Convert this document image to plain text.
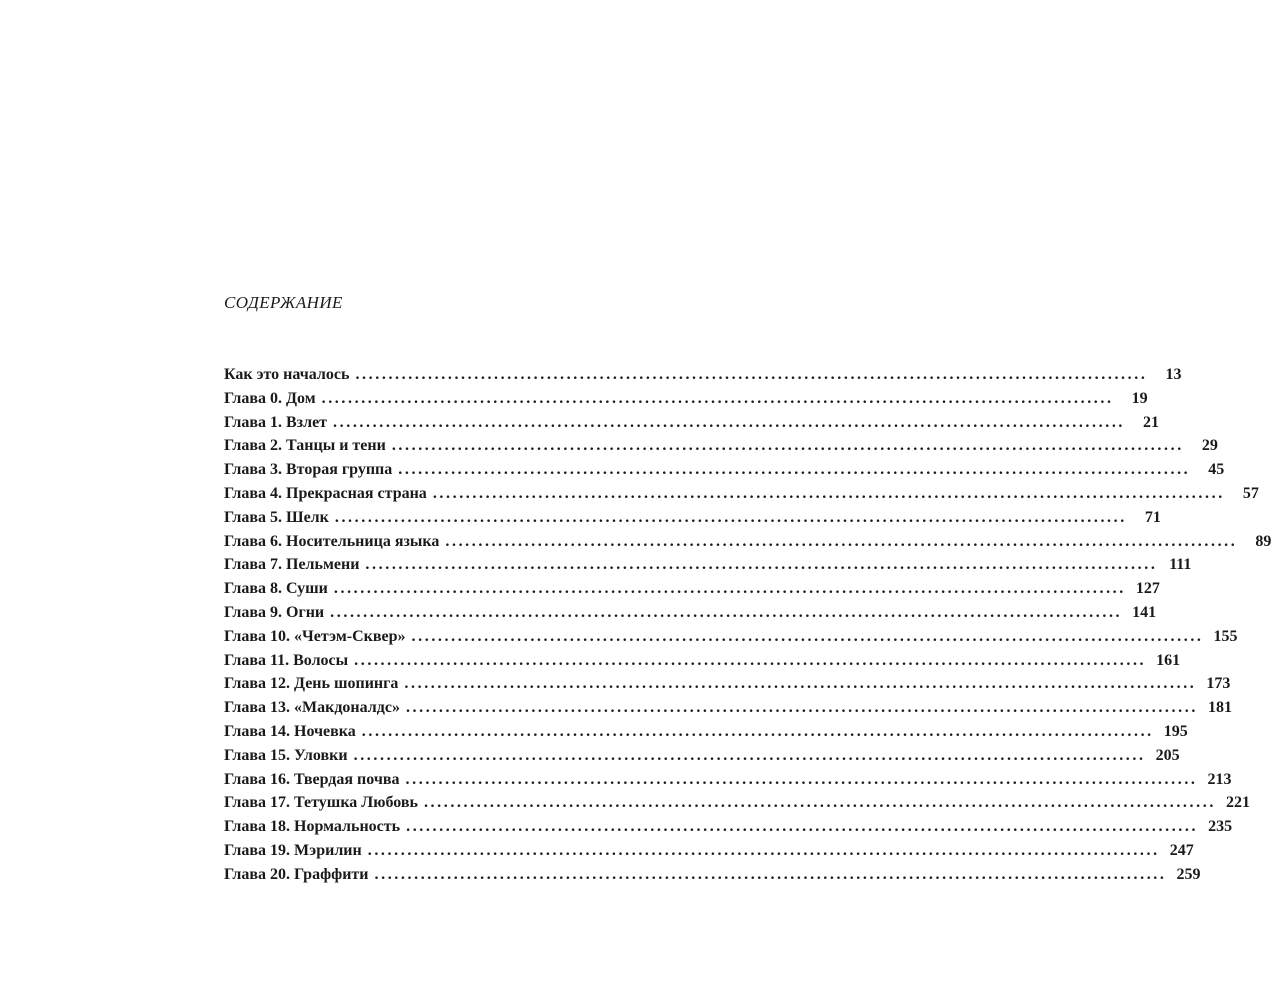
СОДЕРЖАНИЕ
Как это началось ........................................................................................................................	13
Глава 0. Дом ........................................................................................................................	19
Глава 1. Взлет ........................................................................................................................	21
Глава 2. Танцы и тени ........................................................................................................................	29
Глава 3. Вторая группа ........................................................................................................................	45
Глава 4. Прекрасная страна ........................................................................................................................	57
Глава 5. Шелк ........................................................................................................................	71
Глава 6. Носительница языка ........................................................................................................................	89
Глава 7. Пельмени ........................................................................................................................ 111
Глава 8. Суши ........................................................................................................................ 127
Глава 9. Огни ........................................................................................................................ 141
Глава 10. «Четэм-Сквер» ........................................................................................................................ 155
Глава 11. Волосы ........................................................................................................................ 161
Глава 12. День шопинга ........................................................................................................................ 173
Глава 13. «Макдоналдс» ........................................................................................................................ 181
Глава 14. Ночевка ........................................................................................................................ 195
Глава 15. Уловки ........................................................................................................................ 205
Глава 16. Твердая почва ........................................................................................................................ 213
Глава 17. Тетушка Любовь ........................................................................................................................ 221
Глава 18. Нормальность ........................................................................................................................ 235
Глава 19. Мэрилин ........................................................................................................................ 247
Глава 20. Граффити ........................................................................................................................ 259
